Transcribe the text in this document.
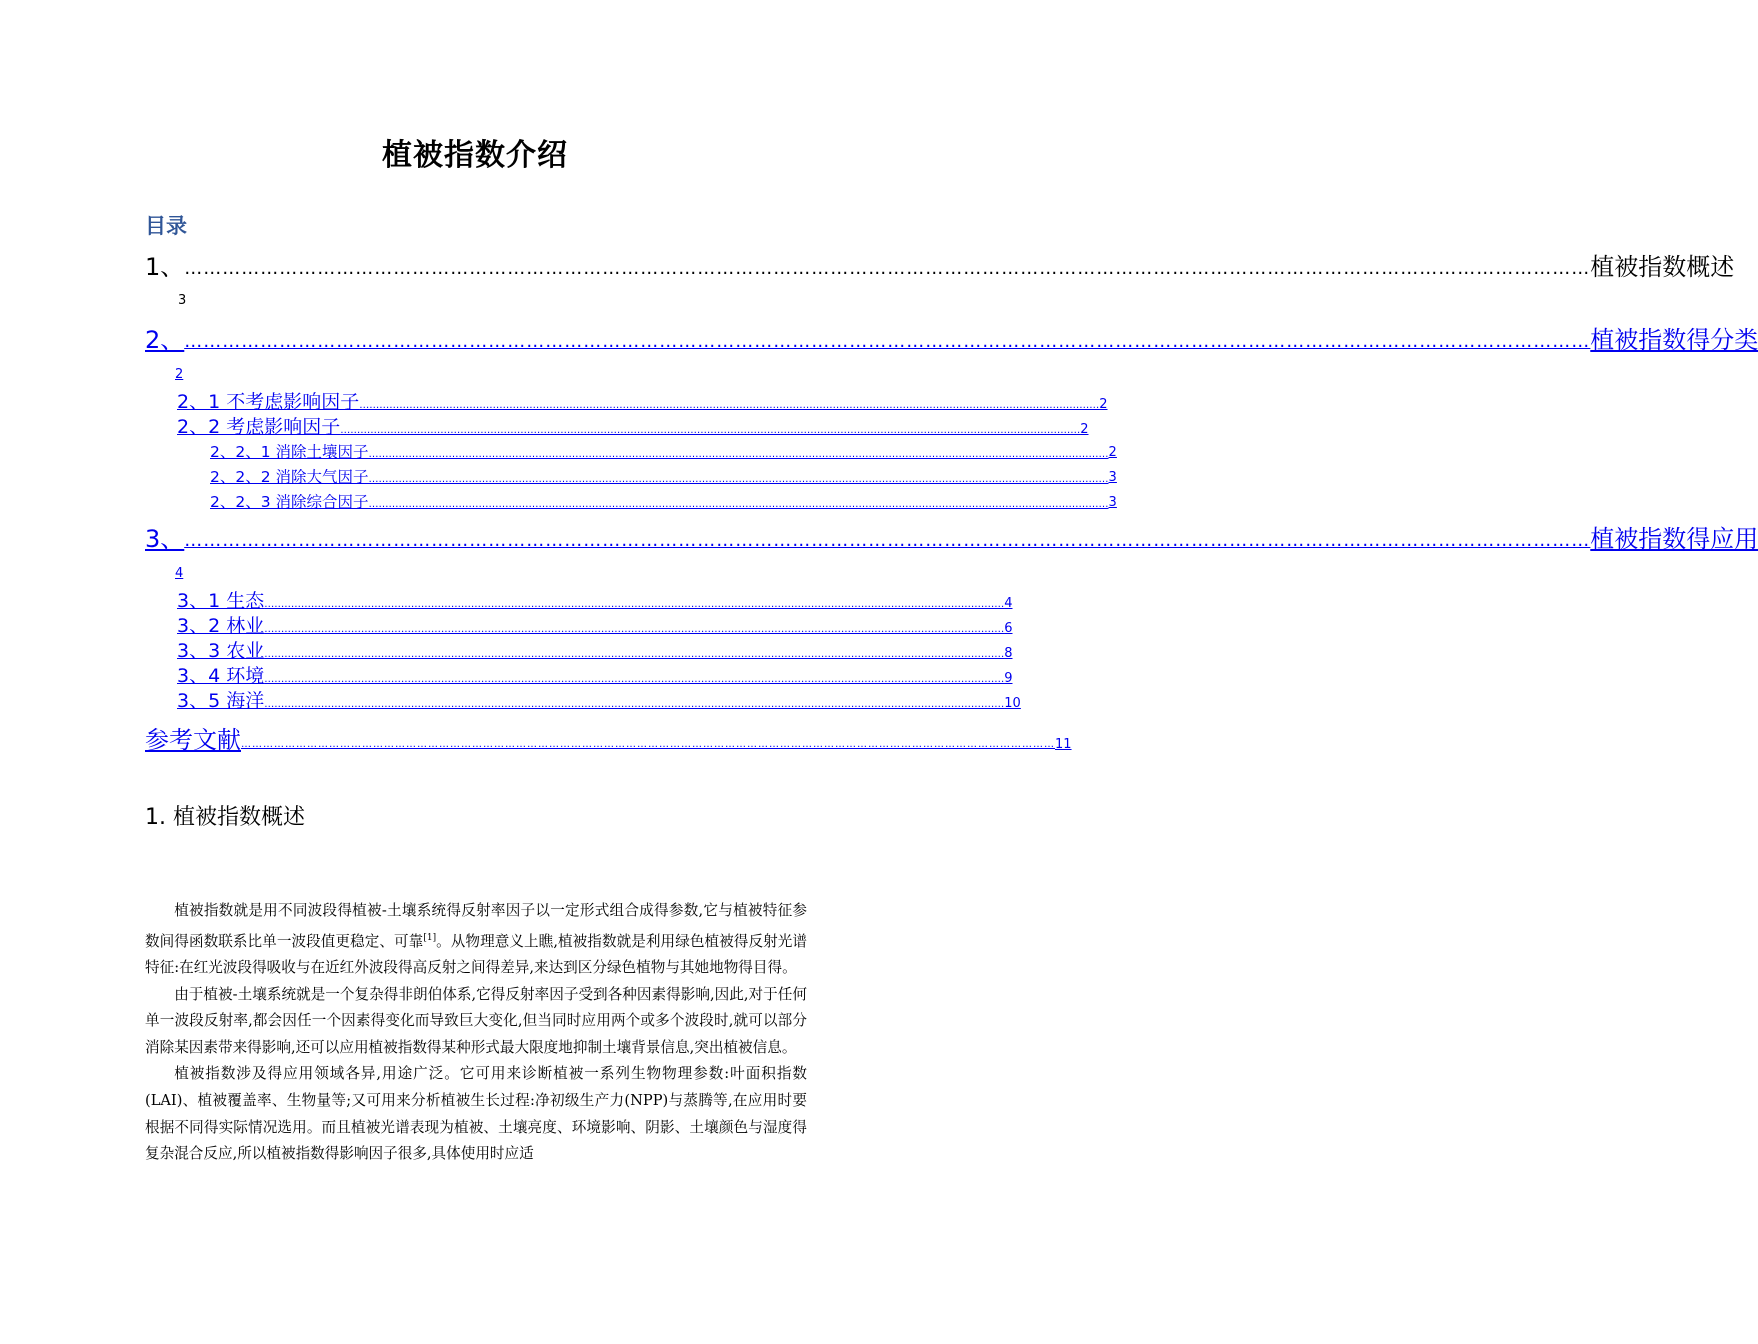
植被指数介绍
目录
1、 …………………………………………………………………………………………………………………………………………………………………………………………………… 植被指数概述
3
2、 …………………………………………………………………………………………………………………………………………………………………………………………………… 植被指数得分类
2
2、1 不考虑影响因子 …………………………………………………………………………………………………………………………………………………………………………………………………… 2
2、2 考虑影响因子 …………………………………………………………………………………………………………………………………………………………………………………………………… 2
2、2、1 消除土壤因子 …………………………………………………………………………………………………………………………………………………………………………………………………… 2
2、2、2 消除大气因子 …………………………………………………………………………………………………………………………………………………………………………………………………… 3
2、2、3 消除综合因子 …………………………………………………………………………………………………………………………………………………………………………………………………… 3
3、 …………………………………………………………………………………………………………………………………………………………………………………………………… 植被指数得应用
4
3、1 生态 …………………………………………………………………………………………………………………………………………………………………………………………………… 4
3、2 林业 …………………………………………………………………………………………………………………………………………………………………………………………………… 6
3、3 农业 …………………………………………………………………………………………………………………………………………………………………………………………………… 8
3、4 环境 …………………………………………………………………………………………………………………………………………………………………………………………………… 9
3、5 海洋 …………………………………………………………………………………………………………………………………………………………………………………………………… 10
参考文献 …………………………………………………………………………………………………………………………………………………………………………………………………… 11
1. 植被指数概述

植被指数就是用不同波段得植被-土壤系统得反射率因子以一定形式组合成得参数,它与植被特征参数间得函数联系比单一波段值更稳定、可靠[1]。从物理意义上瞧,植被指数就是利用绿色植被得反射光谱特征:在红光波段得吸收与在近红外波段得高反射之间得差异,来达到区分绿色植物与其她地物得目得。

由于植被-土壤系统就是一个复杂得非朗伯体系,它得反射率因子受到各种因素得影响,因此,对于任何单一波段反射率,都会因任一个因素得变化而导致巨大变化,但当同时应用两个或多个波段时,就可以部分消除某因素带来得影响,还可以应用植被指数得某种形式最大限度地抑制土壤背景信息,突出植被信息。

植被指数涉及得应用领域各异,用途广泛。它可用来诊断植被一系列生物物理参数:叶面积指数(LAI)、植被覆盖率、生物量等;又可用来分析植被生长过程:净初级生产力(NPP)与蒸腾等,在应用时要根据不同得实际情况选用。而且植被光谱表现为植被、土壤亮度、环境影响、阴影、土壤颜色与湿度得复杂混合反应,所以植被指数得影响因子很多,具体使用时应适
